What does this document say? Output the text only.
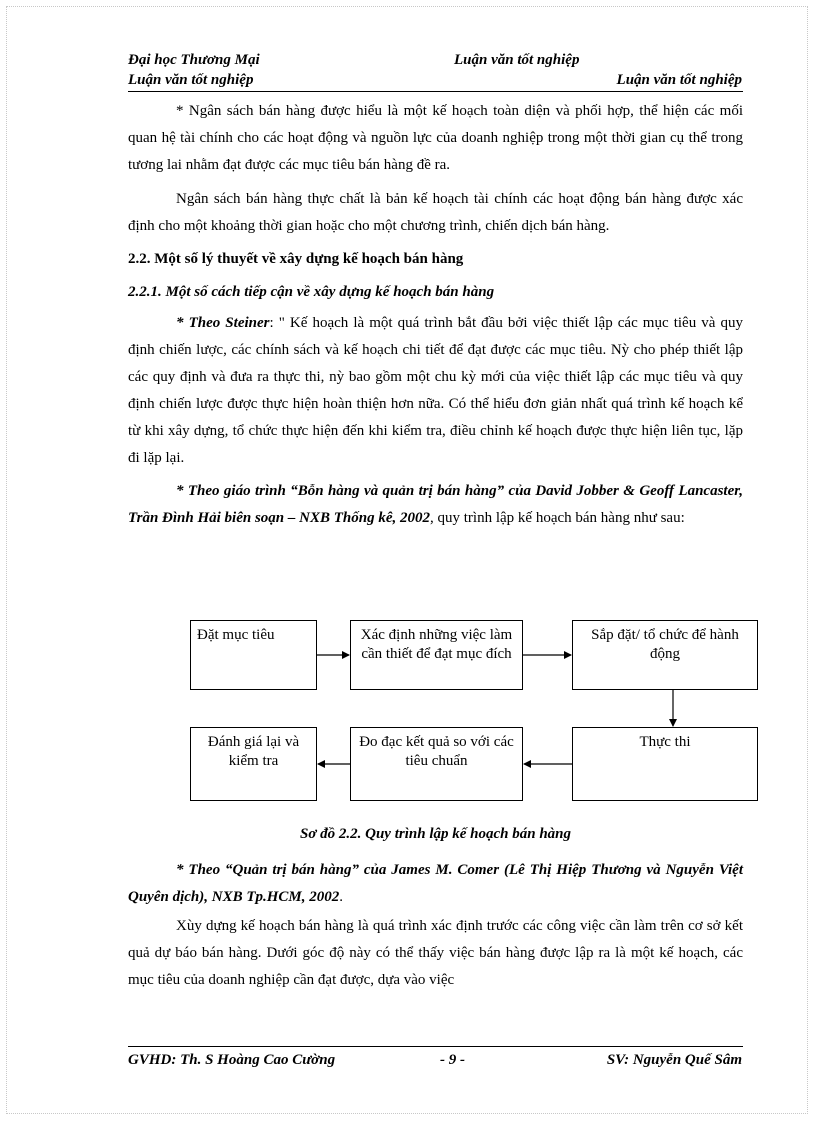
Đại học Thương Mại	Luận văn tốt nghiệp
Luận văn tốt nghiệp	Luận văn tốt nghiệp

* Ngân sách bán hàng được hiểu là một kế hoạch toàn diện và phối hợp, thể hiện các mối quan hệ tài chính cho các hoạt động và nguồn lực của doanh nghiệp trong một thời gian cụ thể trong tương lai nhằm đạt được các mục tiêu bán hàng đề ra.

Ngân sách bán hàng thực chất là bản kế hoạch tài chính các hoạt động bán hàng được xác định cho một khoảng thời gian hoặc cho một chương trình, chiến dịch bán hàng.

2.2. Một số lý thuyết về xây dựng kế hoạch bán hàng
2.2.1. Một số cách tiếp cận về xây dựng kế hoạch bán hàng

* Theo Steiner: " Kế hoạch là một quá trình bắt đầu bởi việc thiết lập các mục tiêu và quy định chiến lược, các chính sách và kế hoạch chi tiết để đạt được các mục tiêu. Nỳ cho phép thiết lập các quy định và đưa ra thực thi, nỳ bao gồm một chu kỳ mới của việc thiết lập các mục tiêu và quy định chiến lược được thực hiện hoàn thiện hơn nữa. Có thể hiểu đơn giản nhất quá trình kế hoạch kể từ khi xây dựng, tổ chức thực hiện đến khi kiểm tra, điều chỉnh kế hoạch được thực hiện liên tục, lặp đi lặp lại.

* Theo giáo trình “Bỗn hàng và quản trị bán hàng” của David Jobber & Geoff Lancaster, Trần Đình Hải biên soạn – NXB Thống kê, 2002, quy trình lập kế hoạch bán hàng như sau:

Đặt mục tiêu	Xác định những việc làm cần thiết để đạt mục đích
Sắp đặt/ tổ chức để hành động
Thực thi
Đo đạc kết quả so với các tiêu chuẩn
Đánh giá lại và kiểm tra
Sơ đồ 2.2. Quy trình lập kế hoạch bán hàng

* Theo “Quản trị bán hàng” của James M. Comer (Lê Thị Hiệp Thương và Nguyễn Việt Quyên dịch), NXB Tp.HCM, 2002.

Xùy dựng kế hoạch bán hàng là quá trình xác định trước các công việc cần làm trên cơ sở kết quả dự báo bán hàng. Dưới góc độ này có thể thấy việc bán hàng được lập ra là một kế hoạch, các mục tiêu của doanh nghiệp cần đạt được, dựa vào việc

GVHD: Th. S Hoàng Cao Cường	- 9 -	SV: Nguyễn Quế Sâm
